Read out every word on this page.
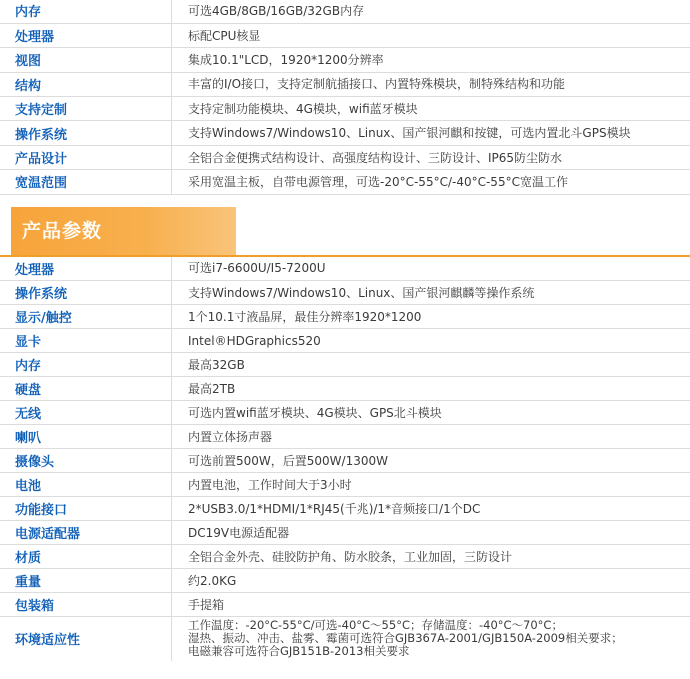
内存	可选4GB/8GB/16GB/32GB内存
处理器	标配CPU核显
视图	集成10.1"LCD，1920*1200分辨率
结构	丰富的I/O接口，支持定制航插接口、内置特殊模块，制特殊结构和功能
支持定制	支持定制功能模块、4G模块，wifi蓝牙模块
操作系统	支持Windows7/Windows10、Linux、国产银河麒和按键，可选内置北斗GPS模块
产品设计	全铝合金便携式结构设计、高强度结构设计、三防设计、IP65防尘防水
宽温范围	采用宽温主板，自带电源管理，可选-20°C-55°C/-40°C-55°C宽温工作
产品参数
处理器	可选i7-6600U/I5-7200U
操作系统	支持Windows7/Windows10、Linux、国产银河麒麟等操作系统
显示/触控	1个10.1寸液晶屏，最佳分辨率1920*1200
显卡	Intel®HDGraphics520
内存	最高32GB
硬盘	最高2TB
无线	可选内置wifi蓝牙模块、4G模块、GPS北斗模块
喇叭	内置立体扬声器
摄像头	可选前置500W，后置500W/1300W
电池	内置电池，工作时间大于3小时
功能接口	2*USB3.0/1*HDMI/1*RJ45(千兆)/1*音频接口/1个DC
电源适配器	DC19V电源适配器
材质	全铝合金外壳、硅胶防护角、防水胶条，工业加固，三防设计
重量	约2.0KG
包装箱	手提箱
环境适应性	工作温度：-20°C-55°C/可选-40°C～55°C；存储温度：-40°C～70°C；
湿热、振动、冲击、盐雾、霉菌可选符合GJB367A-2001/GJB150A-2009相关要求；
电磁兼容可选符合GJB151B-2013相关要求
